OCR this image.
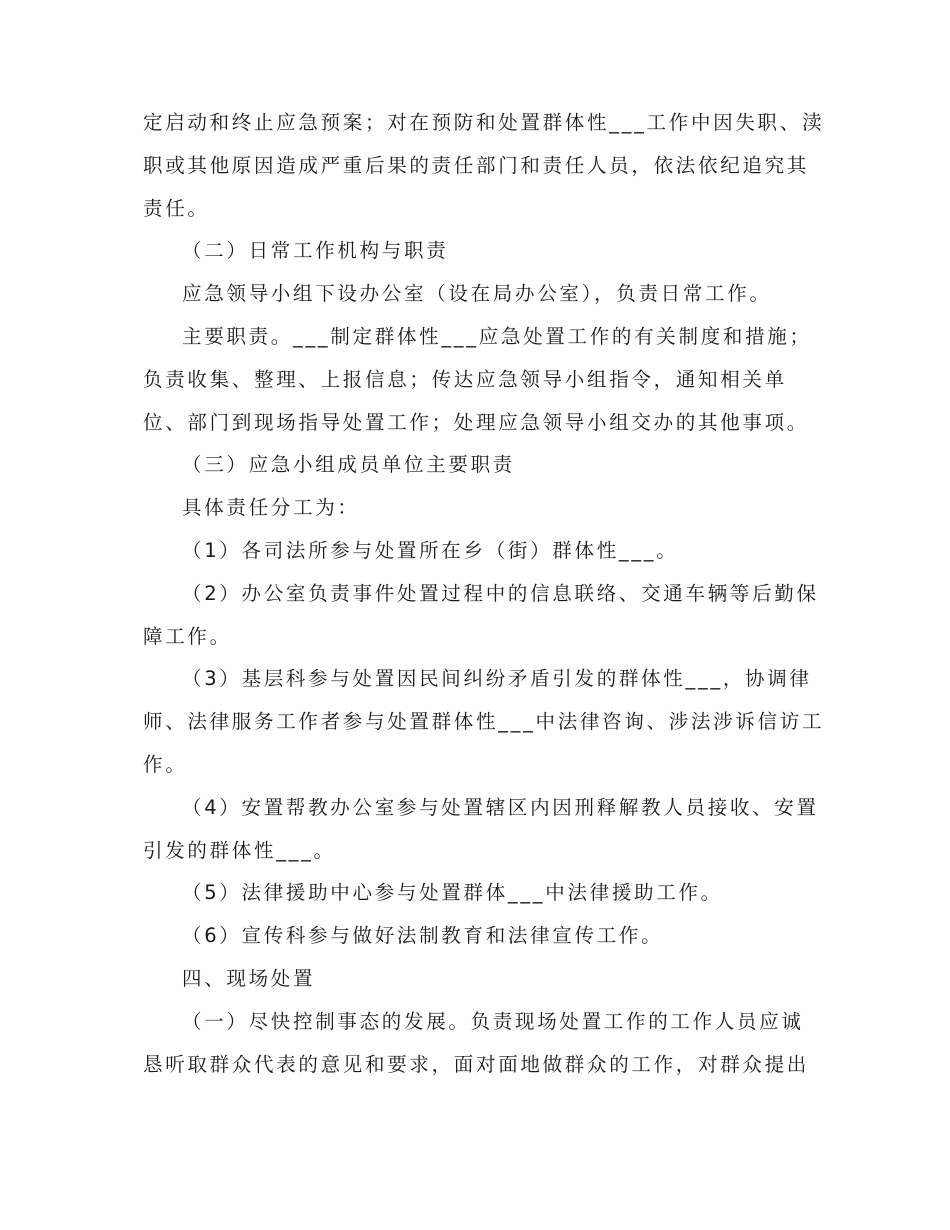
定启动和终止应急预案；对在预防和处置群体性___工作中因失职、渎
职或其他原因造成严重后果的责任部门和责任人员，依法依纪追究其
责任。

（二）日常工作机构与职责

应急领导小组下设办公室（设在局办公室），负责日常工作。

主要职责。___制定群体性___应急处置工作的有关制度和措施；
负责收集、整理、上报信息；传达应急领导小组指令，通知相关单
位、部门到现场指导处置工作；处理应急领导小组交办的其他事项。

（三）应急小组成员单位主要职责

具体责任分工为：

（1）各司法所参与处置所在乡（街）群体性___。

（2）办公室负责事件处置过程中的信息联络、交通车辆等后勤保
障工作。

（3）基层科参与处置因民间纠纷矛盾引发的群体性___，协调律
师、法律服务工作者参与处置群体性___中法律咨询、涉法涉诉信访工
作。

（4）安置帮教办公室参与处置辖区内因刑释解教人员接收、安置
引发的群体性___。

（5）法律援助中心参与处置群体___中法律援助工作。

（6）宣传科参与做好法制教育和法律宣传工作。

四、现场处置

（一）尽快控制事态的发展。负责现场处置工作的工作人员应诚
恳听取群众代表的意见和要求，面对面地做群众的工作，对群众提出
